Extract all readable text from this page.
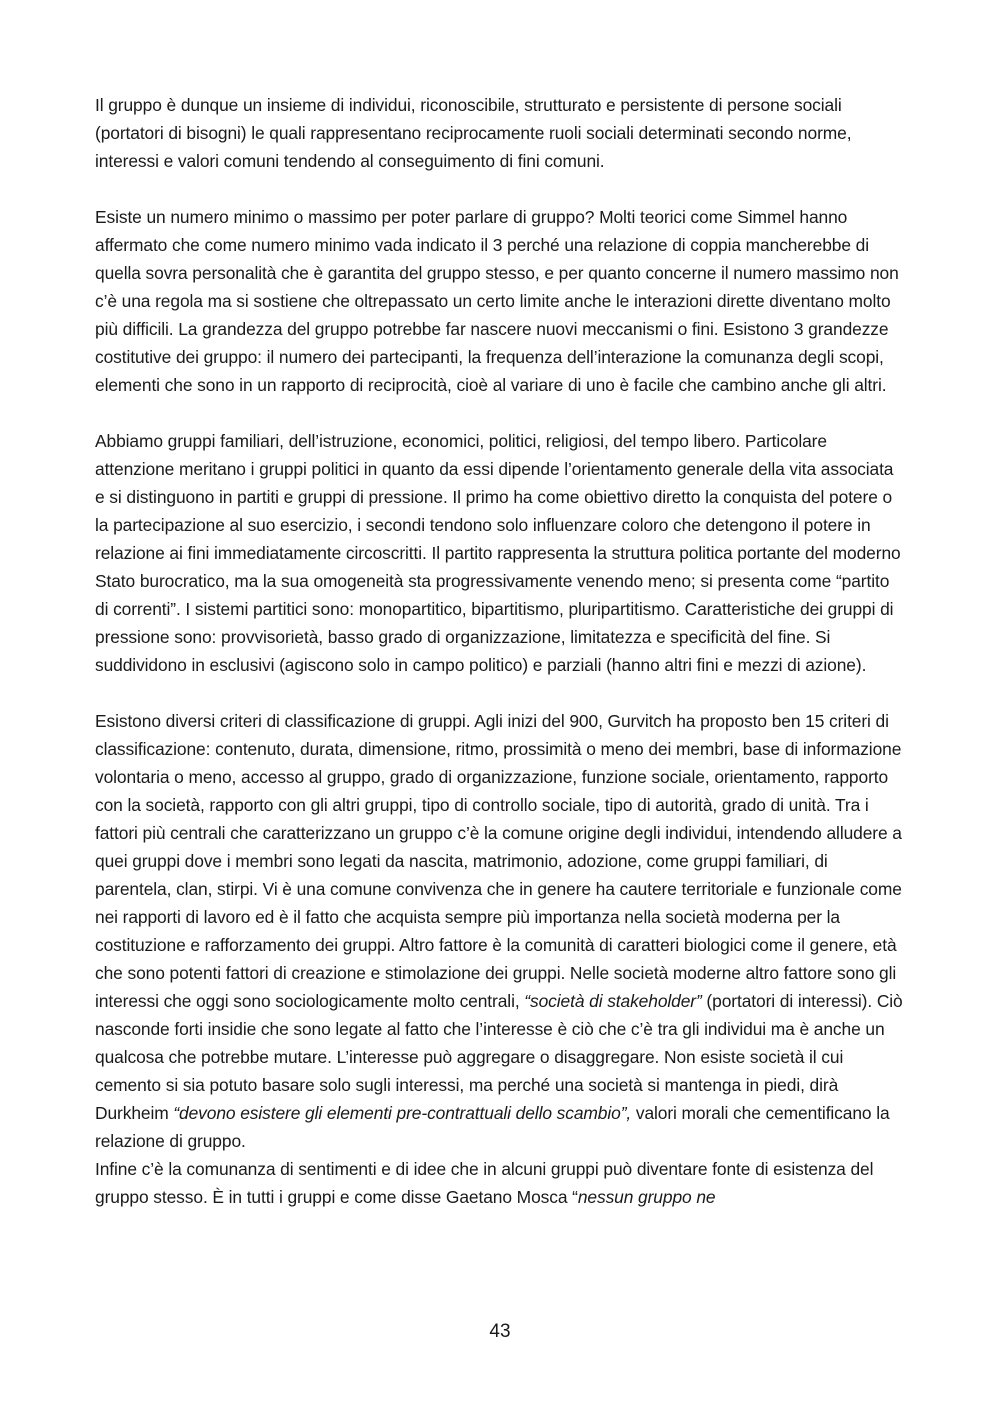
Il gruppo è dunque un insieme di individui, riconoscibile, strutturato e persistente di persone sociali (portatori di bisogni) le quali rappresentano reciprocamente ruoli sociali determinati secondo norme, interessi e valori comuni tendendo al conseguimento di fini comuni.

Esiste un numero minimo o massimo per poter parlare di gruppo? Molti teorici come Simmel hanno affermato che come numero minimo vada indicato il 3 perché una relazione di coppia mancherebbe di quella sovra personalità che è garantita del gruppo stesso, e per quanto concerne il numero massimo non c’è una regola ma si sostiene che oltrepassato un certo limite anche le interazioni dirette diventano molto più difficili. La grandezza del gruppo potrebbe far nascere nuovi meccanismi o fini. Esistono 3 grandezze costitutive dei gruppo: il numero dei partecipanti, la frequenza dell’interazione la comunanza degli scopi, elementi che sono in un rapporto di reciprocità, cioè al variare di uno è facile che cambino anche gli altri.

Abbiamo gruppi familiari, dell’istruzione, economici, politici, religiosi, del tempo libero. Particolare attenzione meritano i gruppi politici in quanto da essi dipende l’orientamento generale della vita associata e si distinguono in partiti e gruppi di pressione. Il primo ha come obiettivo diretto la conquista del potere o la partecipazione al suo esercizio, i secondi tendono solo influenzare coloro che detengono il potere in relazione ai fini immediatamente circoscritti. Il partito rappresenta la struttura politica portante del moderno Stato burocratico, ma la sua omogeneità sta progressivamente venendo meno; si presenta come “partito di correnti”. I sistemi partitici sono: monopartitico, bipartitismo, pluripartitismo. Caratteristiche dei gruppi di pressione sono: provvisorietà, basso grado di organizzazione, limitatezza e specificità del fine. Si suddividono in esclusivi (agiscono solo in campo politico) e parziali (hanno altri fini e mezzi di azione).

Esistono diversi criteri di classificazione di gruppi. Agli inizi del 900, Gurvitch ha proposto ben 15 criteri di classificazione: contenuto, durata, dimensione, ritmo, prossimità o meno dei membri, base di informazione volontaria o meno, accesso al gruppo, grado di organizzazione, funzione sociale, orientamento, rapporto con la società, rapporto con gli altri gruppi, tipo di controllo sociale, tipo di autorità, grado di unità. Tra i fattori più centrali che caratterizzano un gruppo c’è la comune origine degli individui, intendendo alludere a quei gruppi dove i membri sono legati da nascita, matrimonio, adozione, come gruppi familiari, di parentela, clan, stirpi. Vi è una comune convivenza che in genere ha cautere territoriale e funzionale come nei rapporti di lavoro ed è il fatto che acquista sempre più importanza nella società moderna per la costituzione e rafforzamento dei gruppi. Altro fattore è la comunità di caratteri biologici come il genere, età che sono potenti fattori di creazione e stimolazione dei gruppi. Nelle società moderne altro fattore sono gli interessi che oggi sono sociologicamente molto centrali, “società di stakeholder” (portatori di interessi). Ciò nasconde forti insidie che sono legate al fatto che l’interesse è ciò che c’è tra gli individui ma è anche un qualcosa che potrebbe mutare. L’interesse può aggregare o disaggregare. Non esiste società il cui cemento si sia potuto basare solo sugli interessi, ma perché una società si mantenga in piedi, dirà Durkheim “devono esistere gli elementi pre-contrattuali dello scambio”, valori morali che cementificano la relazione di gruppo.

Infine c’è la comunanza di sentimenti e di idee che in alcuni gruppi può diventare fonte di esistenza del gruppo stesso. È in tutti i gruppi e come disse Gaetano Mosca “nessun gruppo ne

43
